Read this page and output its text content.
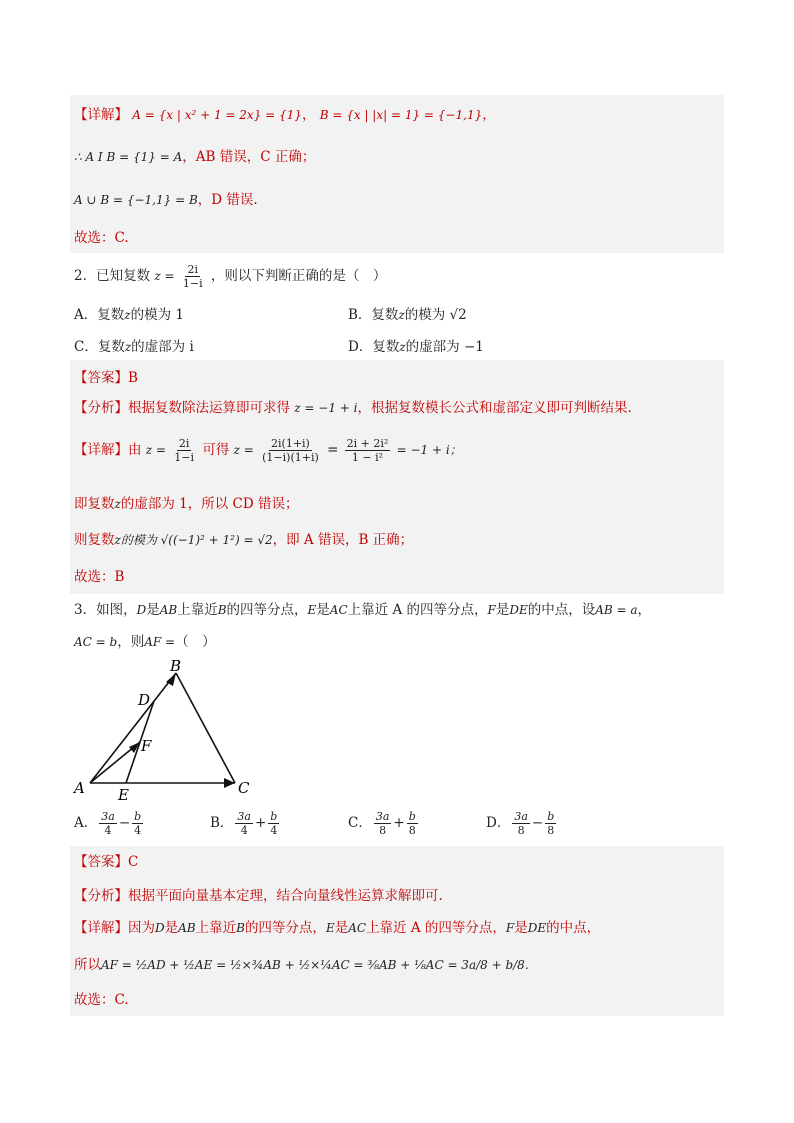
【详解】 A = {x | x² + 1 = 2x} = {1}， B = {x | |x| = 1} = {−1,1}，
∴ A I B = {1} = A，AB 错误，C 正确；
A ∪ B = {−1,1} = B，D 错误.
故选：C.
2．已知复数 $z = \frac{2i}{1-i}$ ，则以下判断正确的是（　）
A．复数z的模为 1	B．复数z的模为 √2
C．复数z的虚部为 i	D．复数z的虚部为 −1
【答案】B
【分析】根据复数除法运算即可求得 z = −1 + i，根据复数模长公式和虚部定义即可判断结果.
【详解】由 $z = \frac{2i}{1-i}$ 可得 $z = \frac{2i(1+i)}{(1-i)(1+i)} = \frac{\text{2i + 2i²}}{\text{1 − i²}} = -1 + i$；
即复数z的虚部为 1，所以 CD 错误；
则复数z的模为 √((−1)² + 1²) = √2，即 A 错误，B 正确；
故选：B
3．如图，D是AB上靠近B的四等分点，E是AC上靠近 A 的四等分点，F是DE的中点，设AB = a，
AC = b，则AF =（　）
A
B
C
D
E
F
A． $\frac{3a}{4} - \frac{b}{4}$	B． $\frac{3a}{4} + \frac{b}{4}$	C． $\frac{3a}{8} + \frac{b}{8}$	D． $\frac{3a}{8} - \frac{b}{8}$
【答案】C
【分析】根据平面向量基本定理，结合向量线性运算求解即可.
【详解】因为D是AB上靠近B的四等分点，E是AC上靠近 A 的四等分点，F是DE的中点，
所以AF = ½AD + ½AE = ½×¾AB + ½×¼AC = ⅜AB + ⅛AC = 3a/8 + b/8.
故选：C.
